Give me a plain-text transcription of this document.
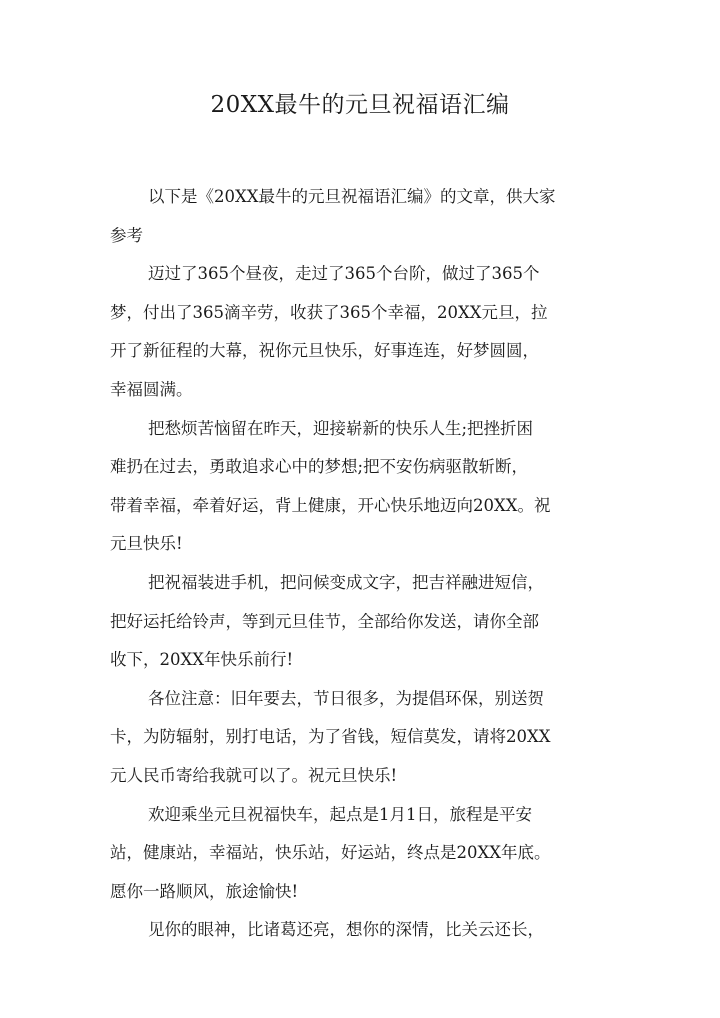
20XX最牛的元旦祝福语汇编
以下是《20XX最牛的元旦祝福语汇编》的文章，供大家
参考
迈过了365个昼夜，走过了365个台阶，做过了365个
梦，付出了365滴辛劳，收获了365个幸福，20XX元旦，拉
开了新征程的大幕，祝你元旦快乐，好事连连，好梦圆圆，
幸福圆满。
把愁烦苦恼留在昨天，迎接崭新的快乐人生;把挫折困
难扔在过去，勇敢追求心中的梦想;把不安伤病驱散斩断，
带着幸福，牵着好运，背上健康，开心快乐地迈向20XX。祝
元旦快乐!
把祝福装进手机，把问候变成文字，把吉祥融进短信，
把好运托给铃声，等到元旦佳节，全部给你发送，请你全部
收下，20XX年快乐前行!
各位注意：旧年要去，节日很多，为提倡环保，别送贺
卡，为防辐射，别打电话，为了省钱，短信莫发，请将20XX
元人民币寄给我就可以了。祝元旦快乐!
欢迎乘坐元旦祝福快车，起点是1月1日，旅程是平安
站，健康站，幸福站，快乐站，好运站，终点是20XX年底。
愿你一路顺风，旅途愉快!
见你的眼神，比诸葛还亮，想你的深情，比关云还长，
